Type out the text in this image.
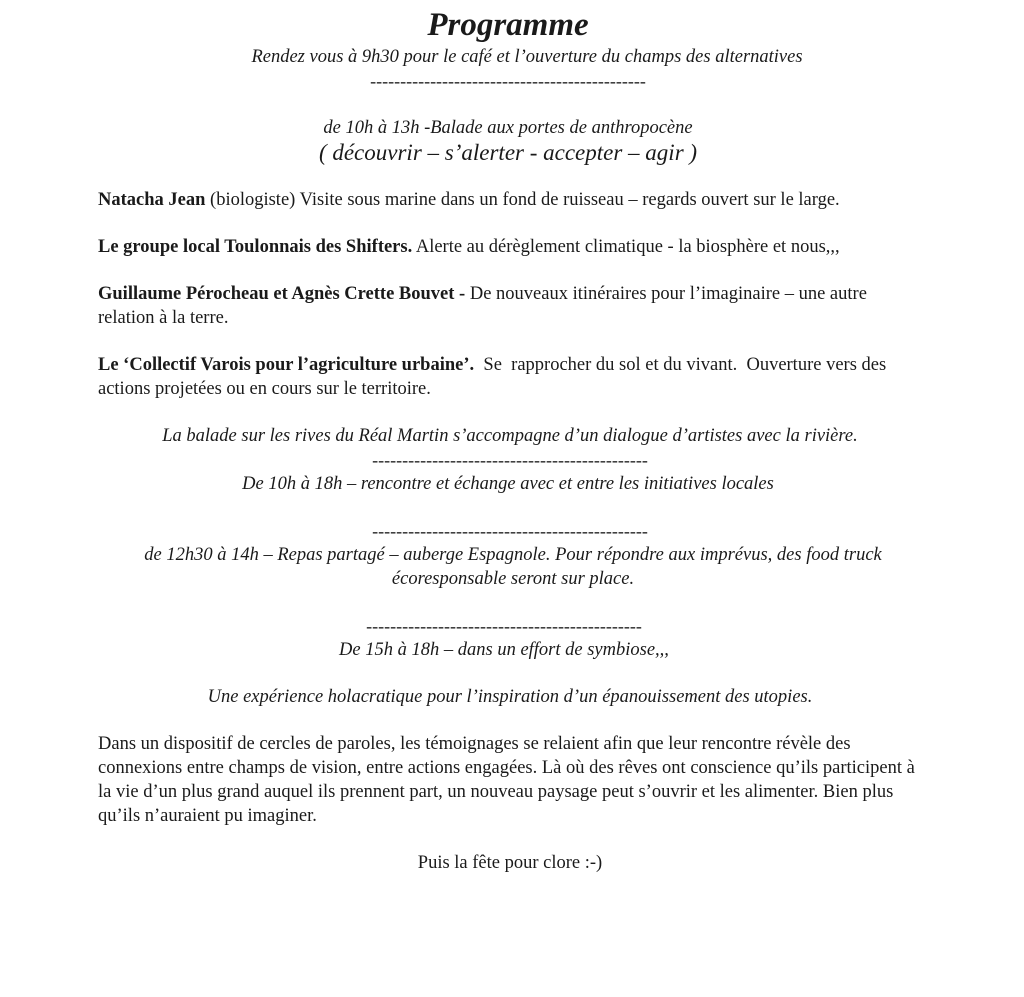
Programme

Rendez vous à 9h30 pour le café et l’ouverture du champs des alternatives

----------------------------------------------

de 10h à 13h -Balade aux portes de anthropocène

( découvrir – s’alerter - accepter – agir )

Natacha Jean (biologiste) Visite sous marine dans un fond de ruisseau – regards ouvert sur le large.

Le groupe local Toulonnais des Shifters. Alerte au dérèglement climatique - la biosphère et nous,,,

Guillaume Pérocheau et Agnès Crette Bouvet - De nouveaux itinéraires pour l’imaginaire – une autre relation à la terre.

Le ‘Collectif Varois pour l’agriculture urbaine’.  Se  rapprocher du sol et du vivant.  Ouverture vers des actions projetées ou en cours sur le territoire.

La balade sur les rives du Réal Martin s’accompagne d’un dialogue d’artistes avec la rivière.

----------------------------------------------

De 10h à 18h – rencontre et échange avec et entre les initiatives locales

----------------------------------------------

de 12h30 à 14h – Repas partagé – auberge Espagnole. Pour répondre aux imprévus, des food truck

écoresponsable seront sur place.

----------------------------------------------

De 15h à 18h – dans un effort de symbiose,,,

Une expérience holacratique pour l’inspiration d’un épanouissement des utopies.

Dans un dispositif de cercles de paroles, les témoignages se relaient afin que leur rencontre révèle des connexions entre champs de vision, entre actions engagées. Là où des rêves ont conscience qu’ils participent à la vie d’un plus grand auquel ils prennent part, un nouveau paysage peut s’ouvrir et les alimenter. Bien plus qu’ils n’auraient pu imaginer.

Puis la fête pour clore :-)
